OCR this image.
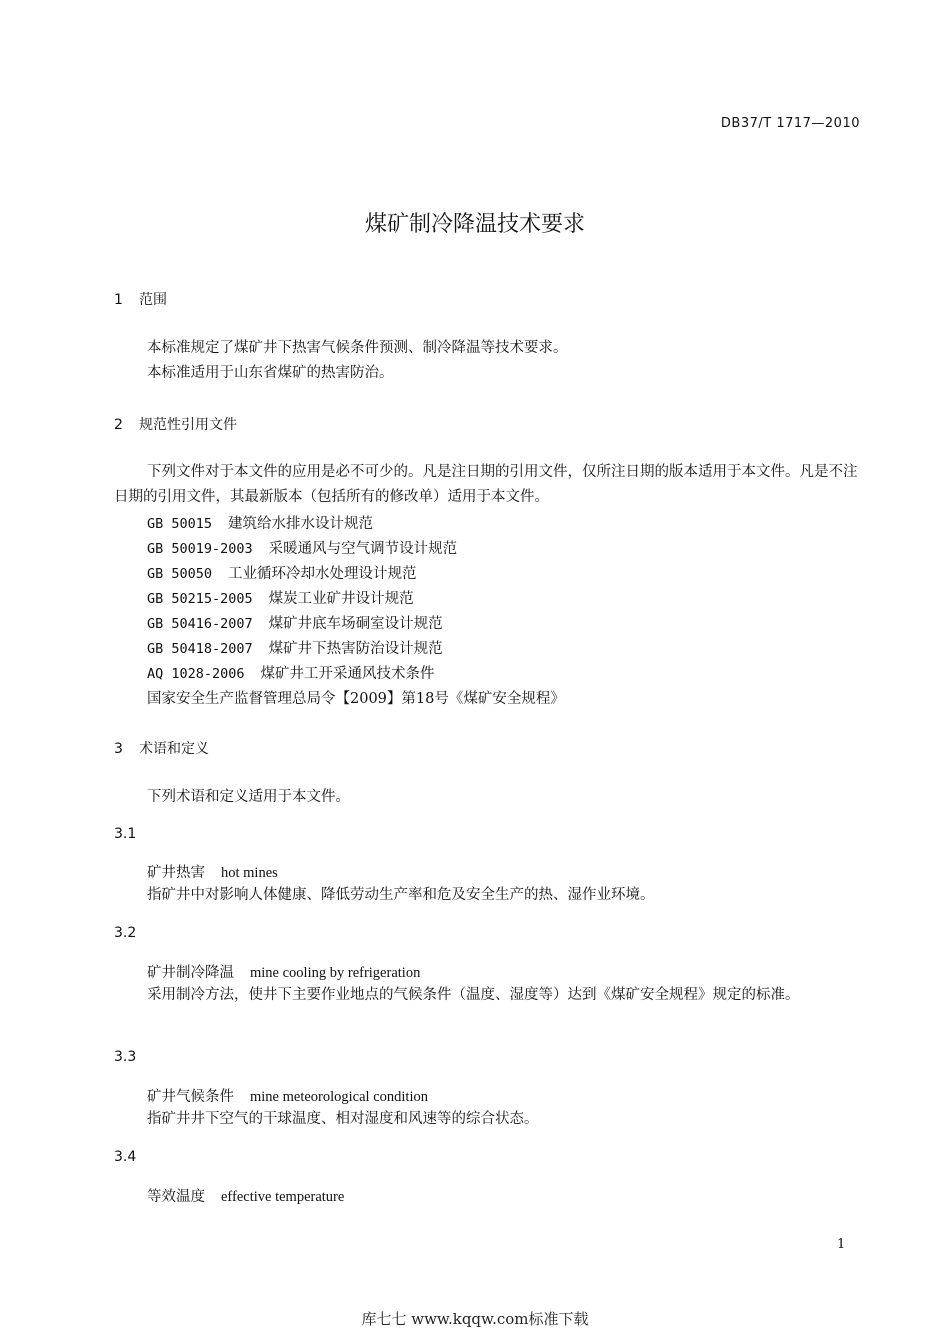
DB37/T 1717—2010
煤矿制冷降温技术要求
1 范围
本标准规定了煤矿井下热害气候条件预测、制冷降温等技术要求。
本标准适用于山东省煤矿的热害防治。
2 规范性引用文件
下列文件对于本文件的应用是必不可少的。凡是注日期的引用文件，仅所注日期的版本适用于本文件。凡是不注日期的引用文件，其最新版本（包括所有的修改单）适用于本文件。
GB 50015 建筑给水排水设计规范
GB 50019-2003 采暖通风与空气调节设计规范
GB 50050 工业循环冷却水处理设计规范
GB 50215-2005 煤炭工业矿井设计规范
GB 50416-2007 煤矿井底车场硐室设计规范
GB 50418-2007 煤矿井下热害防治设计规范
AQ 1028-2006 煤矿井工开采通风技术条件
国家安全生产监督管理总局令【2009】第18号《煤矿安全规程》
3 术语和定义
下列术语和定义适用于本文件。
3.1
矿井热害 hot mines
指矿井中对影响人体健康、降低劳动生产率和危及安全生产的热、湿作业环境。
3.2
矿井制冷降温 mine cooling by refrigeration
采用制冷方法，使井下主要作业地点的气候条件（温度、湿度等）达到《煤矿安全规程》规定的标准。
3.3
矿井气候条件 mine meteorological condition
指矿井井下空气的干球温度、相对湿度和风速等的综合状态。
3.4
等效温度 effective temperature
1
库七七 www.kqqw.com标准下载
